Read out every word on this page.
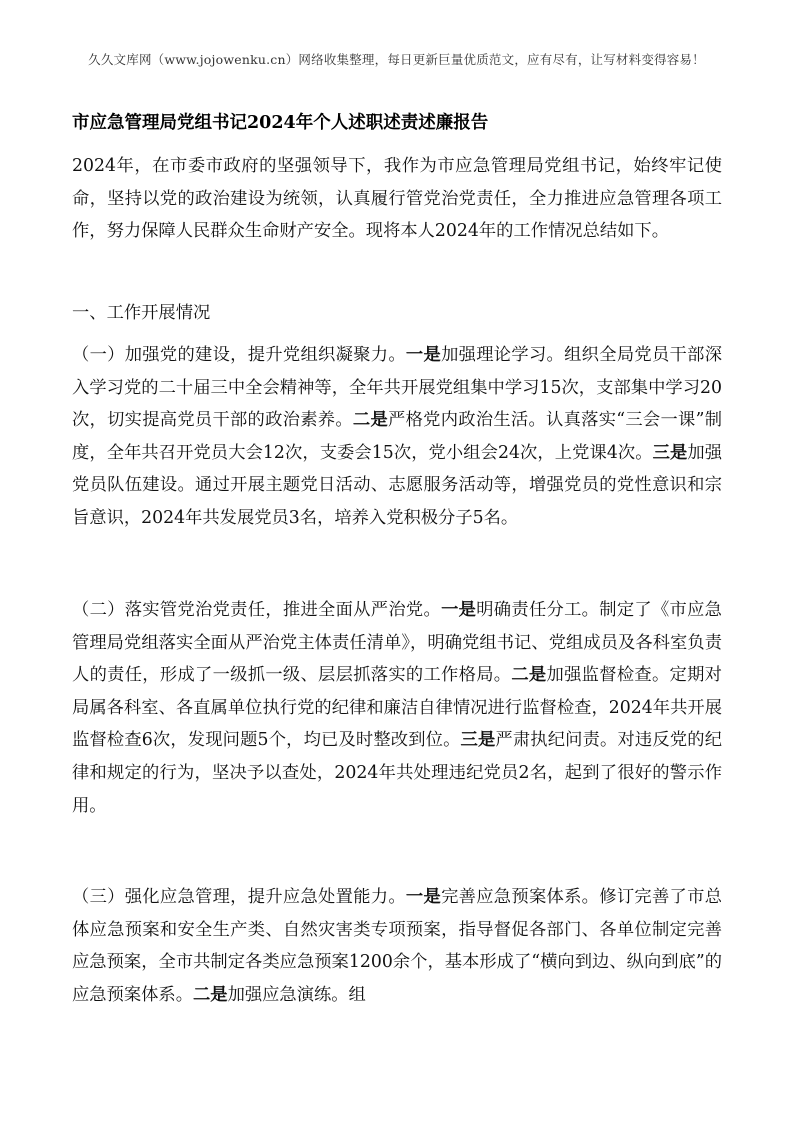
久久文库网（www.jojowenku.cn）网络收集整理，每日更新巨量优质范文，应有尽有，让写材料变得容易！
市应急管理局党组书记2024年个人述职述责述廉报告
2024年，在市委市政府的坚强领导下，我作为市应急管理局党组书记，始终牢记使命，坚持以党的政治建设为统领，认真履行管党治党责任，全力推进应急管理各项工作，努力保障人民群众生命财产安全。现将本人2024年的工作情况总结如下。
一、工作开展情况
（一）加强党的建设，提升党组织凝聚力。一是加强理论学习。组织全局党员干部深入学习党的二十届三中全会精神等，全年共开展党组集中学习15次，支部集中学习20次，切实提高党员干部的政治素养。二是严格党内政治生活。认真落实“三会一课”制度，全年共召开党员大会12次，支委会15次，党小组会24次，上党课4次。三是加强党员队伍建设。通过开展主题党日活动、志愿服务活动等，增强党员的党性意识和宗旨意识，2024年共发展党员3名，培养入党积极分子5名。
（二）落实管党治党责任，推进全面从严治党。一是明确责任分工。制定了《市应急管理局党组落实全面从严治党主体责任清单》，明确党组书记、党组成员及各科室负责人的责任，形成了一级抓一级、层层抓落实的工作格局。二是加强监督检查。定期对局属各科室、各直属单位执行党的纪律和廉洁自律情况进行监督检查，2024年共开展监督检查6次，发现问题5个，均已及时整改到位。三是严肃执纪问责。对违反党的纪律和规定的行为，坚决予以查处，2024年共处理违纪党员2名，起到了很好的警示作用。
（三）强化应急管理，提升应急处置能力。一是完善应急预案体系。修订完善了市总体应急预案和安全生产类、自然灾害类专项预案，指导督促各部门、各单位制定完善应急预案，全市共制定各类应急预案1200余个，基本形成了“横向到边、纵向到底”的应急预案体系。二是加强应急演练。组
